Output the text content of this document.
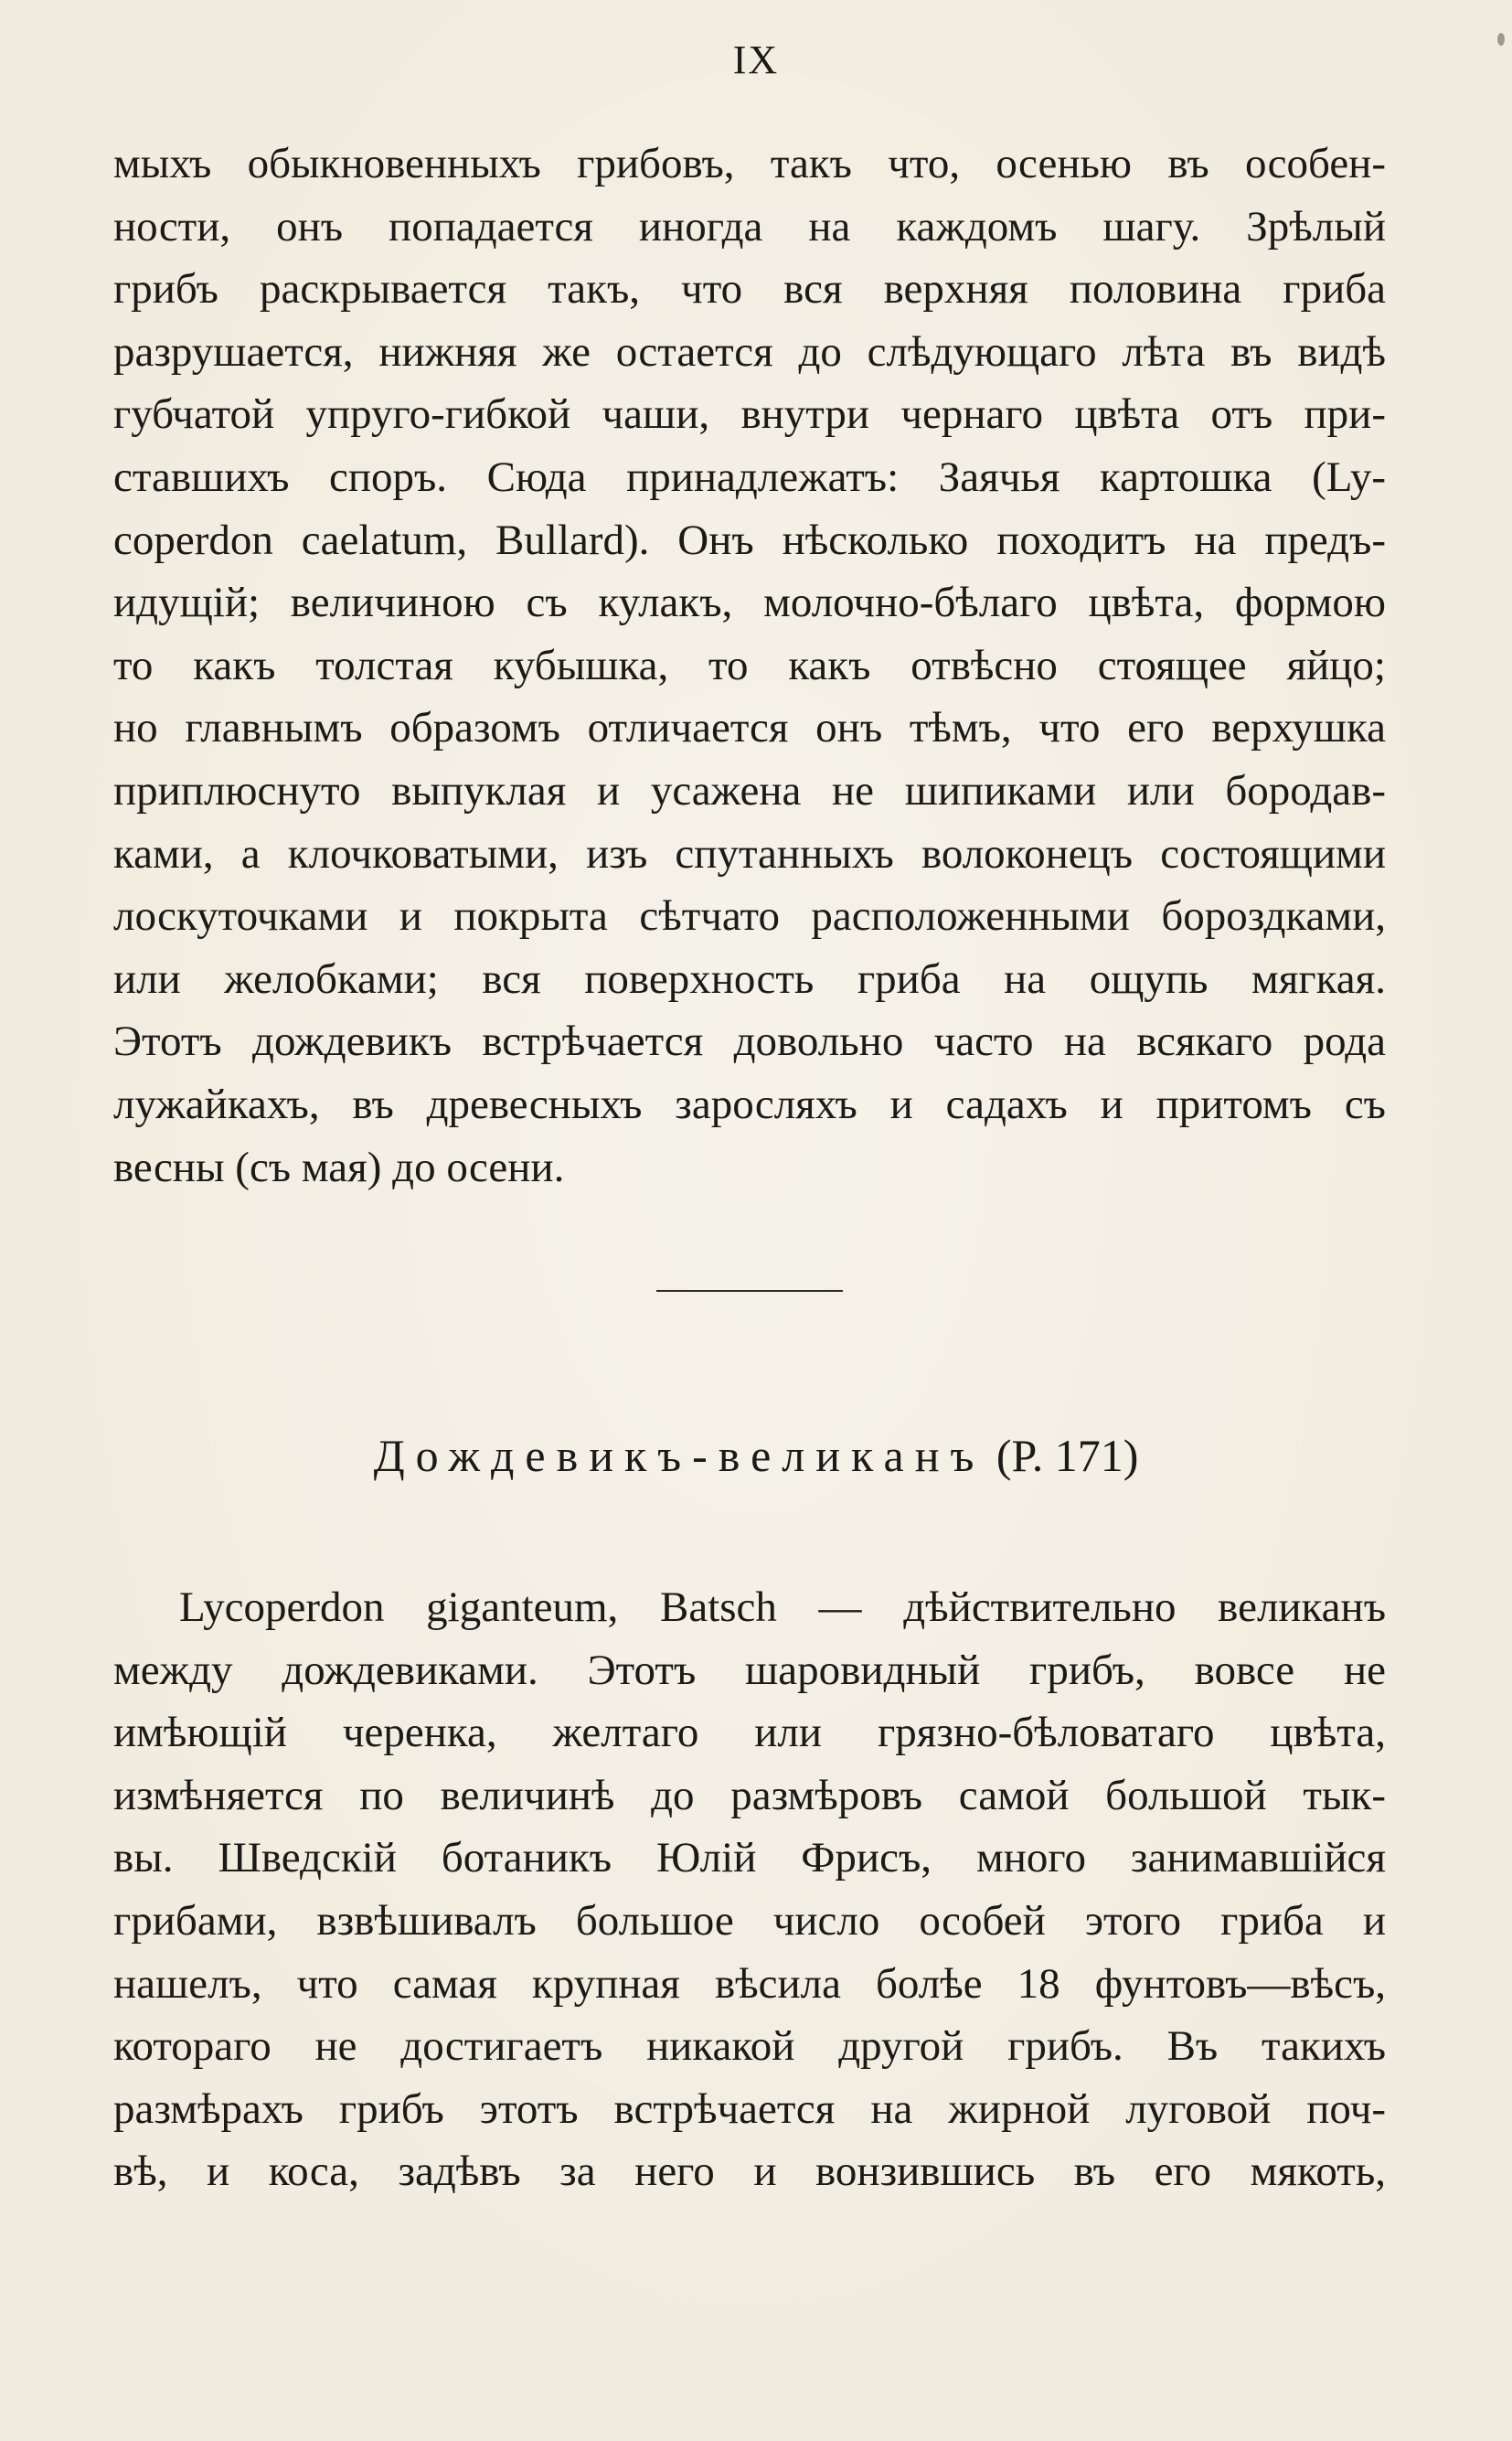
IX
мыхъ обыкновенныхъ грибовъ, такъ что, осенью въ особен-
ности, онъ попадается иногда на каждомъ шагу. Зрѣлый
грибъ раскрывается такъ, что вся верхняя половина гриба
разрушается, нижняя же остается до слѣдующаго лѣта въ видѣ
губчатой упруго-гибкой чаши, внутри чернаго цвѣта отъ при-
ставшихъ споръ. Сюда принадлежатъ: Заячья картошка (Ly-
coperdon caelatum, Bullard). Онъ нѣсколько походитъ на предъ-
идущій; величиною съ кулакъ, молочно-бѣлаго цвѣта, формою
то какъ толстая кубышка, то какъ отвѣсно стоящее яйцо;
но главнымъ образомъ отличается онъ тѣмъ, что его верхушка
приплюснуто выпуклая и усажена не шипиками или бородав-
ками, а клочковатыми, изъ спутанныхъ волоконецъ состоящими
лоскуточками и покрыта сѣтчато расположенными бороздками,
или желобками; вся поверхность гриба на ощупь мягкая.
Этотъ дождевикъ встрѣчается довольно часто на всякаго рода
лужайкахъ, въ древесныхъ заросляхъ и садахъ и притомъ съ
весны (съ мая) до осени.
Дождевикъ-великанъ (P. 171)
Lycoperdon giganteum, Batsch — дѣйствительно великанъ
между дождевиками. Этотъ шаровидный грибъ, вовсе не
имѣющій черенка, желтаго или грязно-бѣловатаго цвѣта,
измѣняется по величинѣ до размѣровъ самой большой тык-
вы. Шведскій ботаникъ Юлій Фрисъ, много занимавшійся
грибами, взвѣшивалъ большое число особей этого гриба и
нашелъ, что самая крупная вѣсила болѣе 18 фунтовъ—вѣсъ,
котораго не достигаетъ никакой другой грибъ. Въ такихъ
размѣрахъ грибъ этотъ встрѣчается на жирной луговой поч-
вѣ, и коса, задѣвъ за него и вонзившись въ его мякоть,
